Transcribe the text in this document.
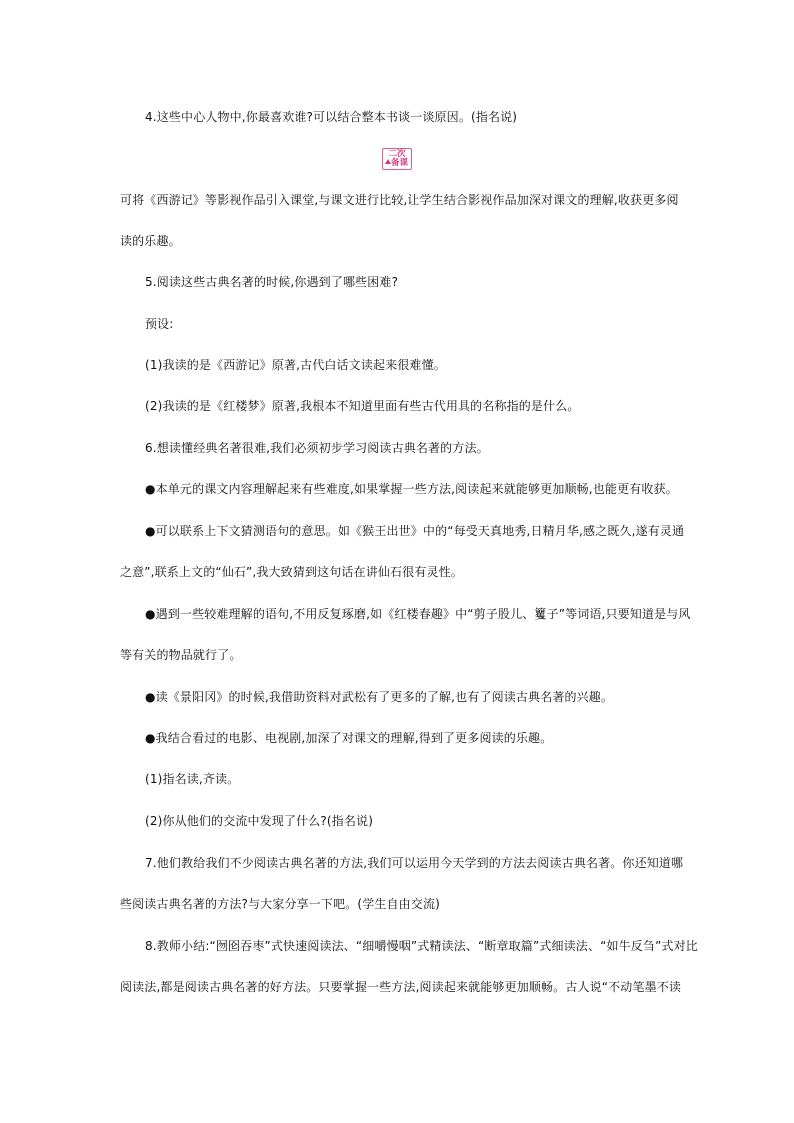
4.这些中心人物中,你最喜欢谁?可以结合整本书谈一谈原因。(指名说)
二次
备课
可将《西游记》等影视作品引入课堂,与课文进行比较,让学生结合影视作品加深对课文的理解,收获更多阅
读的乐趣。
5.阅读这些古典名著的时候,你遇到了哪些困难?
预设:
(1)我读的是《西游记》原著,古代白话文读起来很难懂。
(2)我读的是《红楼梦》原著,我根本不知道里面有些古代用具的名称指的是什么。
6.想读懂经典名著很难,我们必须初步学习阅读古典名著的方法。
●本单元的课文内容理解起来有些难度,如果掌握一些方法,阅读起来就能够更加顺畅,也能更有收获。
●可以联系上下文猜测语句的意思。如《猴王出世》中的“每受天真地秀,日精月华,感之既久,遂有灵通
之意”,联系上文的“仙石”,我大致猜到这句话在讲仙石很有灵性。
●遇到一些较难理解的语句,不用反复琢磨,如《红楼春趣》中“剪子股儿、籰子”等词语,只要知道是与风
等有关的物品就行了。
●读《景阳冈》的时候,我借助资料对武松有了更多的了解,也有了阅读古典名著的兴趣。
●我结合看过的电影、电视剧,加深了对课文的理解,得到了更多阅读的乐趣。
(1)指名读,齐读。
(2)你从他们的交流中发现了什么?(指名说)
7.他们教给我们不少阅读古典名著的方法,我们可以运用今天学到的方法去阅读古典名著。你还知道哪
些阅读古典名著的方法?与大家分享一下吧。(学生自由交流)
8.教师小结:“囫囵吞枣”式快速阅读法、“细嚼慢咽”式精读法、“断章取篇”式细读法、“如牛反刍”式对比
阅读法,都是阅读古典名著的好方法。只要掌握一些方法,阅读起来就能够更加顺畅。古人说“不动笔墨不读
